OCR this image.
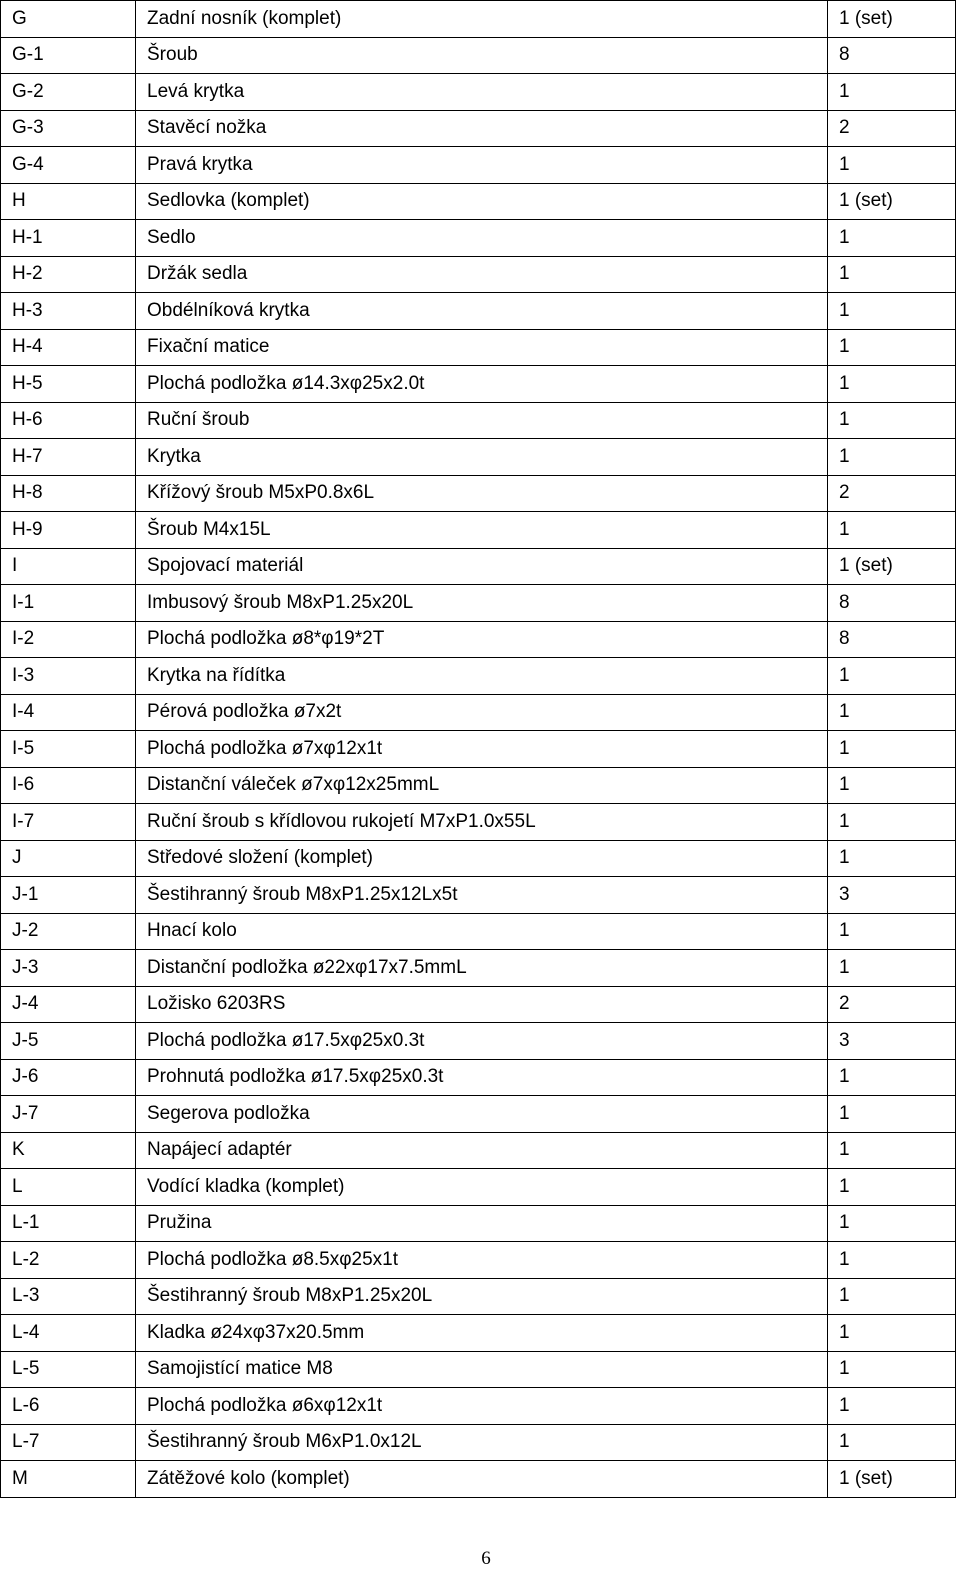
G	Zadní nosník (komplet)	1 (set)
G-1	Šroub	8
G-2	Levá krytka	1
G-3	Stavěcí nožka	2
G-4	Pravá krytka	1
H	Sedlovka (komplet)	1 (set)
H-1	Sedlo	1
H-2	Držák sedla	1
H-3	Obdélníková krytka	1
H-4	Fixační matice	1
H-5	Plochá podložka ø14.3xφ25x2.0t	1
H-6	Ruční šroub	1
H-7	Krytka	1
H-8	Křížový šroub M5xP0.8x6L	2
H-9	Šroub M4x15L	1
I	Spojovací materiál	1 (set)
I-1	Imbusový šroub M8xP1.25x20L	8
I-2	Plochá podložka ø8*φ19*2T	8
I-3	Krytka na řídítka	1
I-4	Pérová podložka ø7x2t	1
I-5	Plochá podložka ø7xφ12x1t	1
I-6	Distanční váleček ø7xφ12x25mmL	1
I-7	Ruční šroub s křídlovou rukojetí M7xP1.0x55L	1
J	Středové složení (komplet)	1
J-1	Šestihranný šroub M8xP1.25x12Lx5t	3
J-2	Hnací kolo	1
J-3	Distanční podložka ø22xφ17x7.5mmL	1
J-4	Ložisko 6203RS	2
J-5	Plochá podložka ø17.5xφ25x0.3t	3
J-6	Prohnutá podložka ø17.5xφ25x0.3t	1
J-7	Segerova podložka	1
K	Napájecí adaptér	1
L	Vodící kladka (komplet)	1
L-1	Pružina	1
L-2	Plochá podložka ø8.5xφ25x1t	1
L-3	Šestihranný šroub M8xP1.25x20L	1
L-4	Kladka ø24xφ37x20.5mm	1
L-5	Samojistící matice M8	1
L-6	Plochá podložka ø6xφ12x1t	1
L-7	Šestihranný šroub M6xP1.0x12L	1
M	Zátěžové kolo (komplet)	1 (set)
6
